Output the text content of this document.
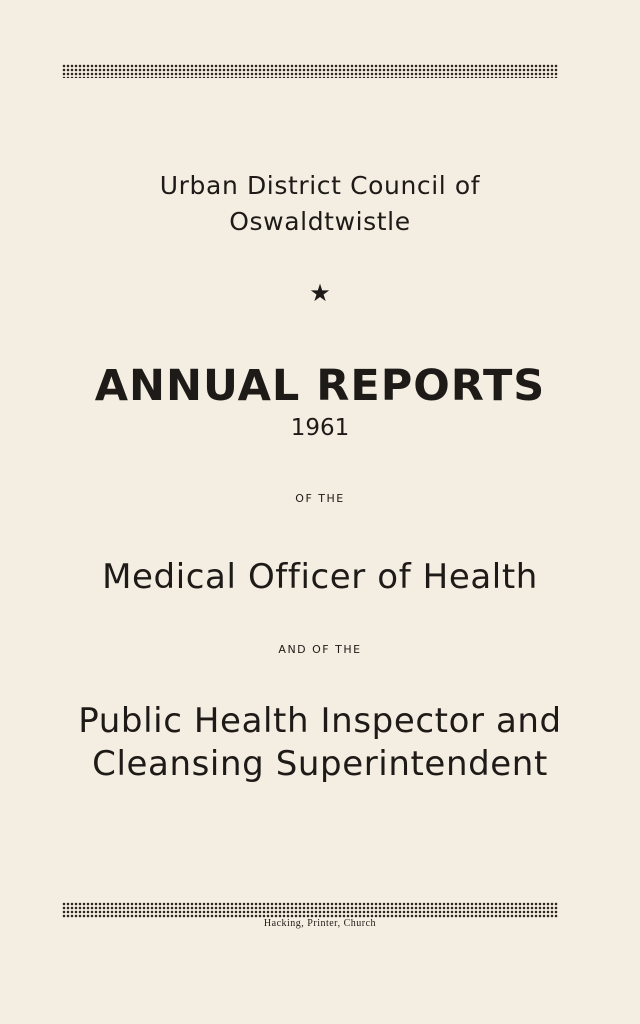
Urban District Council of
Oswaldtwistle
★
ANNUAL REPORTS
1961
OF THE
Medical Officer of Health
AND OF THE
Public Health Inspector and
Cleansing Superintendent
Hacking, Printer, Church
